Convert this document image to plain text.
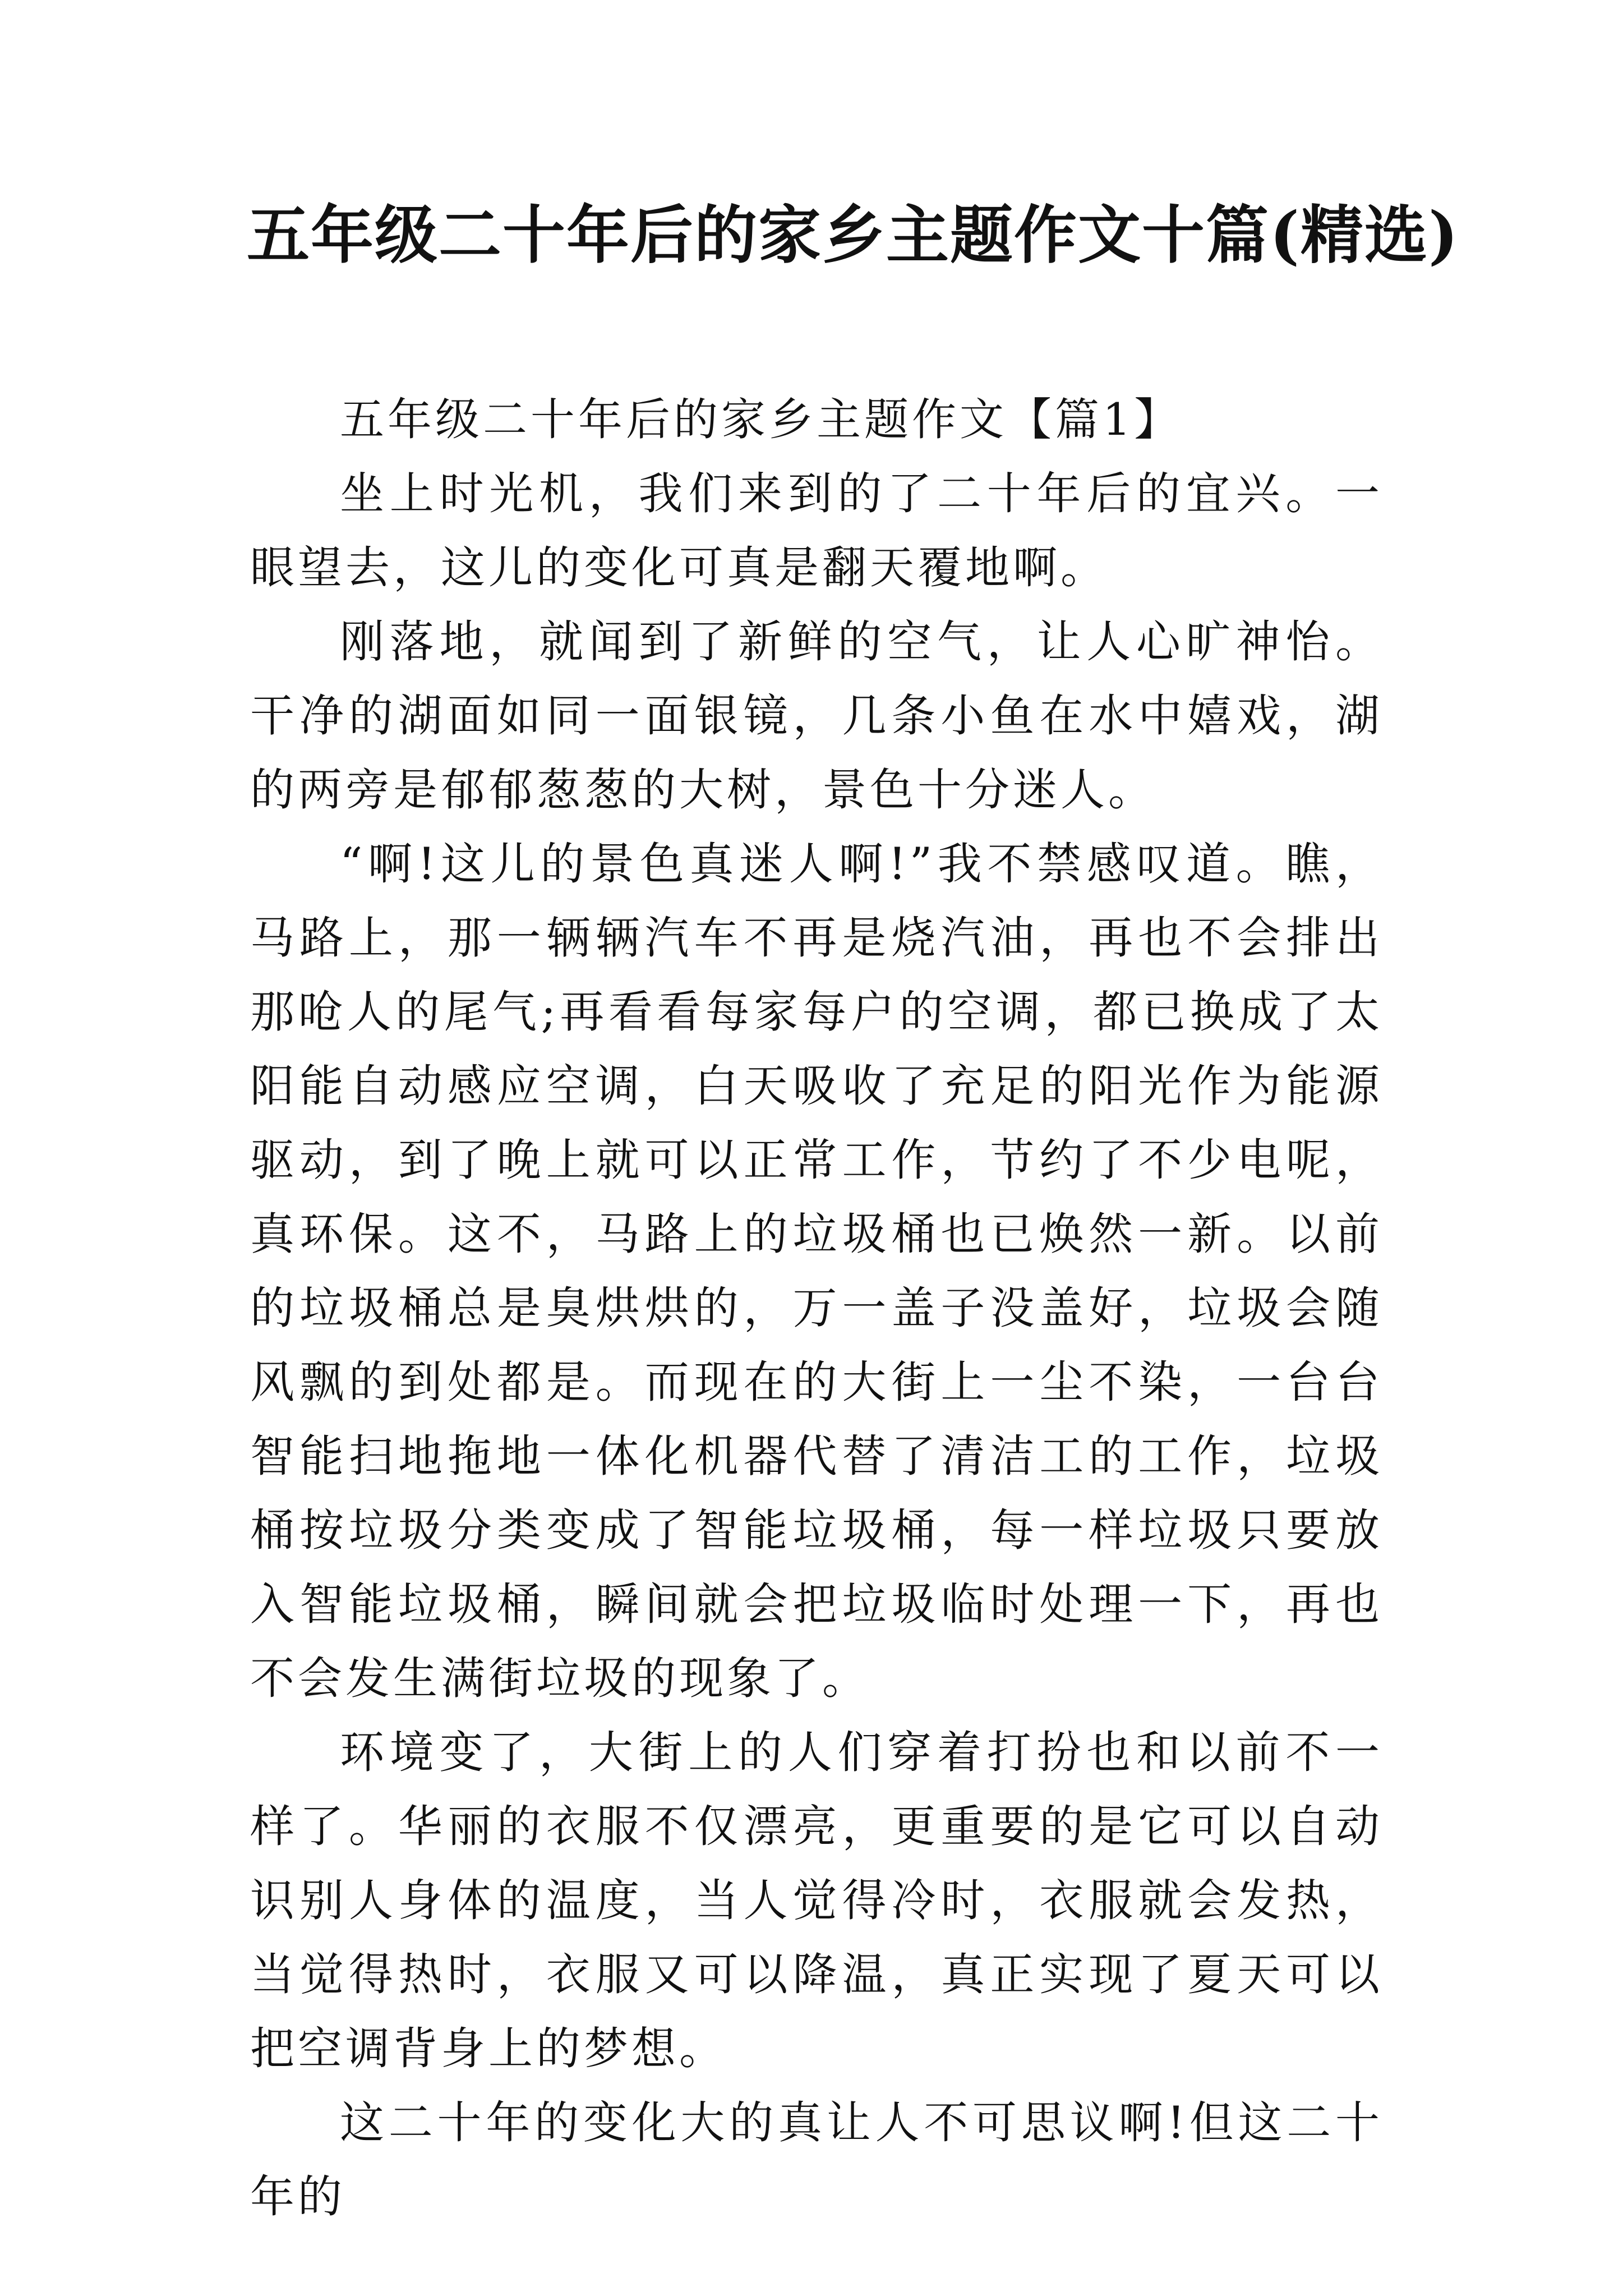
五年级二十年后的家乡主题作文十篇(精选)

五年级二十年后的家乡主题作文【篇1】

坐上时光机，我们来到的了二十年后的宜兴。一眼望去，这儿的变化可真是翻天覆地啊。

刚落地，就闻到了新鲜的空气，让人心旷神怡。干净的湖面如同一面银镜，几条小鱼在水中嬉戏，湖的两旁是郁郁葱葱的大树，景色十分迷人。

“啊!这儿的景色真迷人啊!”我不禁感叹道。瞧，马路上，那一辆辆汽车不再是烧汽油，再也不会排出那呛人的尾气;再看看每家每户的空调，都已换成了太阳能自动感应空调，白天吸收了充足的阳光作为能源驱动，到了晚上就可以正常工作，节约了不少电呢，真环保。这不，马路上的垃圾桶也已焕然一新。以前的垃圾桶总是臭烘烘的，万一盖子没盖好，垃圾会随风飘的到处都是。而现在的大街上一尘不染，一台台智能扫地拖地一体化机器代替了清洁工的工作，垃圾桶按垃圾分类变成了智能垃圾桶，每一样垃圾只要放入智能垃圾桶，瞬间就会把垃圾临时处理一下，再也不会发生满街垃圾的现象了。

环境变了，大街上的人们穿着打扮也和以前不一样了。华丽的衣服不仅漂亮，更重要的是它可以自动识别人身体的温度，当人觉得冷时，衣服就会发热，当觉得热时，衣服又可以降温，真正实现了夏天可以把空调背身上的梦想。

这二十年的变化大的真让人不可思议啊!但这二十年的
